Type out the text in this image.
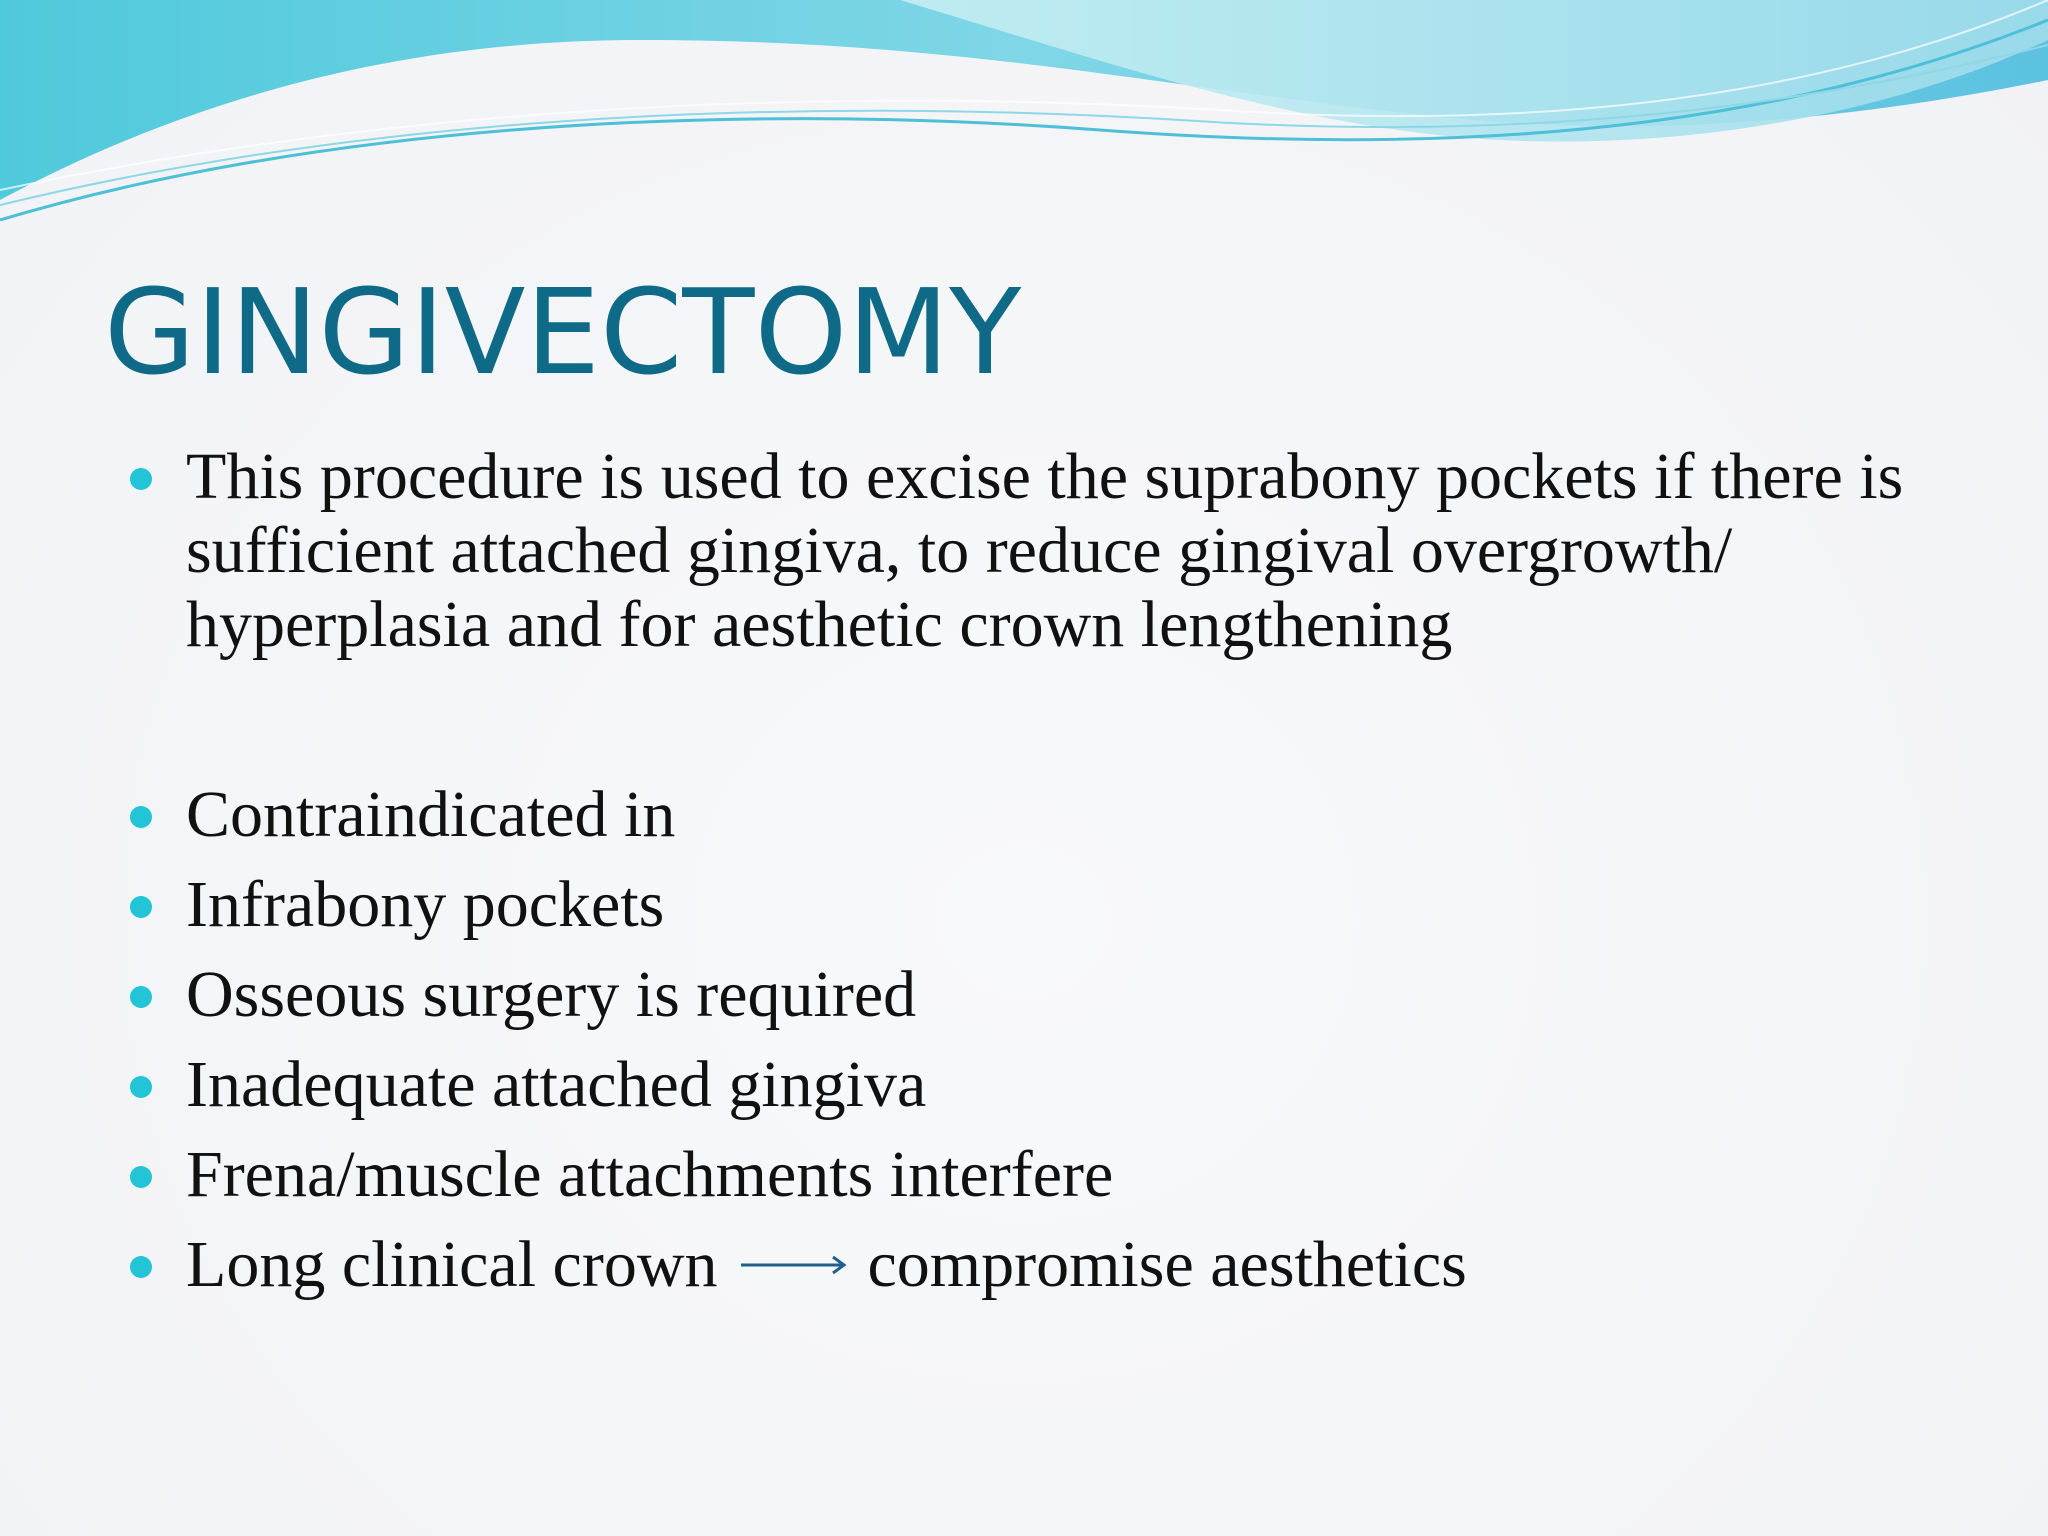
GINGIVECTOMY
This procedure is used to excise the suprabony pockets if there is sufficient attached gingiva, to reduce gingival overgrowth/ hyperplasia and for aesthetic crown lengthening
Contraindicated in
Infrabony pockets
Osseous surgery is required
Inadequate attached gingiva
Frena/muscle attachments interfere
Long clinical crown compromise aesthetics
